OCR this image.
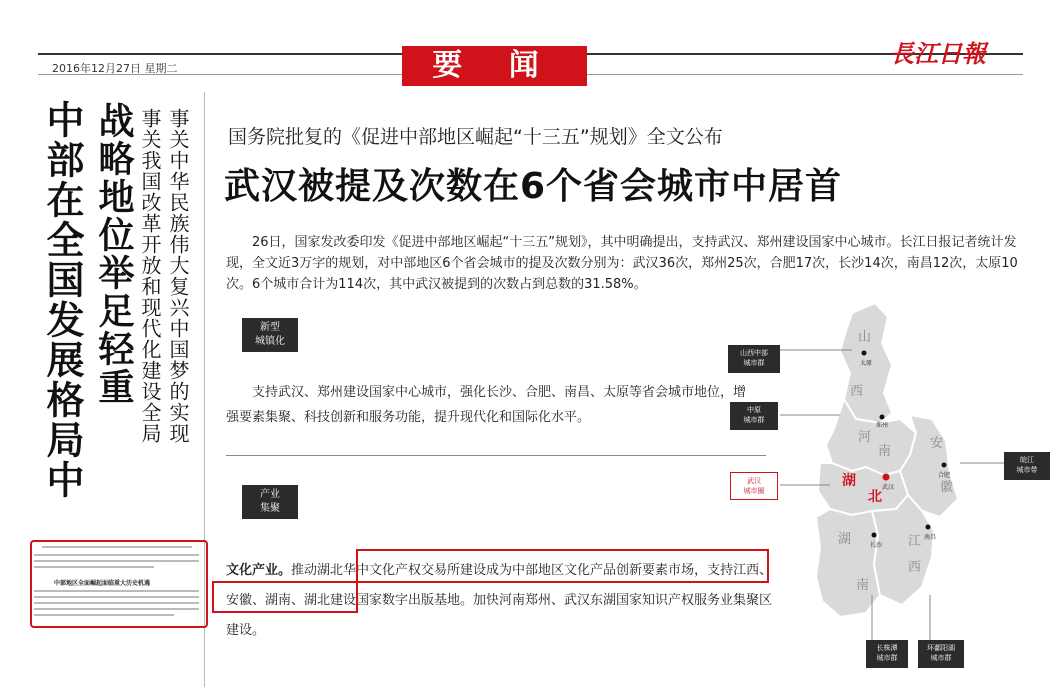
2016年12月27日 星期二	要 闻	長江日報
中部在全国发展格局中 战略地位举足轻重 事关我国改革开放和现代化建设全局 事关中华民族伟大复兴中国梦的实现
中部地区全面崛起面临重大历史机遇
国务院批复的《促进中部地区崛起“十三五”规划》全文公布
武汉被提及次数在6个省会城市中居首
26日，国家发改委印发《促进中部地区崛起“十三五”规划》，其中明确提出，支持武汉、郑州建设国家中心城市。长江日报记者统计发现，全文近3万字的规划，对中部地区6个省会城市的提及次数分别为：武汉36次，郑州25次，合肥17次，长沙14次，南昌12次，太原10次。6个城市合计为114次，其中武汉被提到的次数占到总数的31.58%。
新型
城镇化
支持武汉、郑州建设国家中心城市，强化长沙、合肥、南昌、太原等省会城市地位，增强要素集聚、科技创新和服务功能，提升现代化和国际化水平。
产业
集聚
文化产业。推动湖北华中文化产权交易所建设成为中部地区文化产品创新要素市场，支持江西、安徽、湖南、湖北建设国家数字出版基地。加快河南郑州、武汉东湖国家知识产权服务业集聚区建设。
山
西
河
南
安
徽
湖
北
湖
南
江
西
太原
郑州
合肥
武汉
长沙
南昌
山西中部
城市群
中原
城市群
武汉
城市圈
皖江
城市带
长株潭
城市群
环鄱阳湖
城市群
